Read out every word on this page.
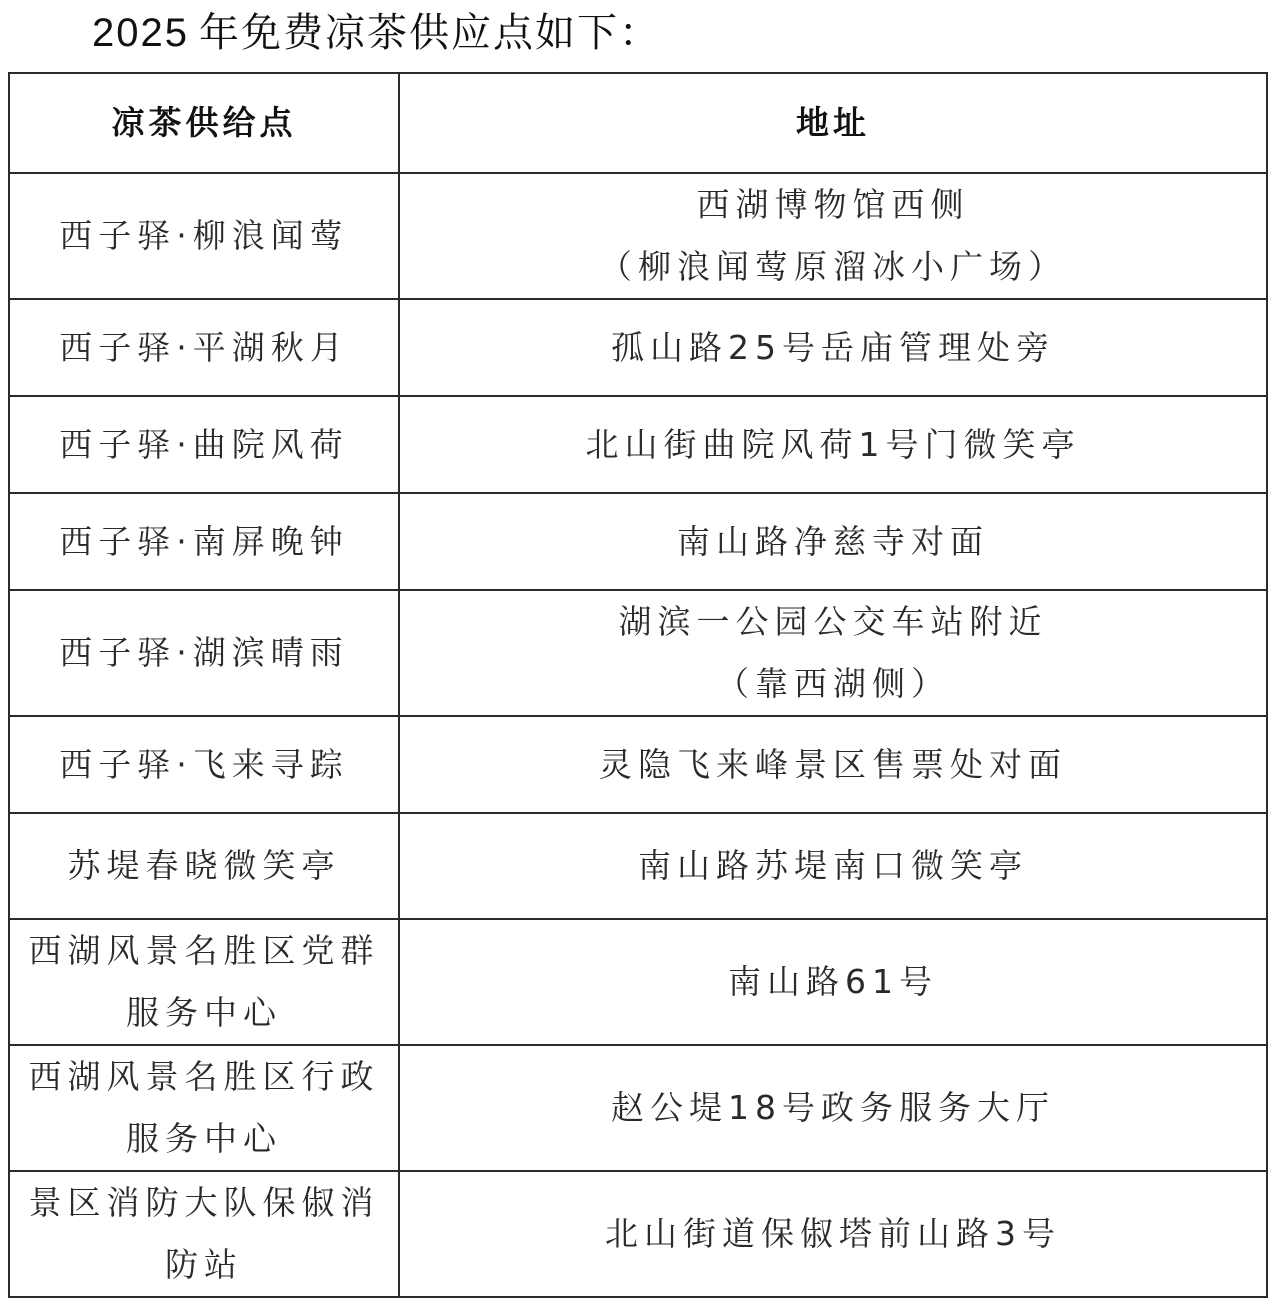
2025 年免费凉茶供应点如下：
凉茶供给点	地址

西子驿·柳浪闻莺	西湖博物馆西侧
（柳浪闻莺原溜冰小广场）

西子驿·平湖秋月	孤山路25号岳庙管理处旁

西子驿·曲院风荷	北山街曲院风荷1号门微笑亭

西子驿·南屏晚钟	南山路净慈寺对面

西子驿·湖滨晴雨	湖滨一公园公交车站附近
（靠西湖侧）

西子驿·飞来寻踪	灵隐飞来峰景区售票处对面

苏堤春晓微笑亭	南山路苏堤南口微笑亭

西湖风景名胜区党群
服务中心	南山路61号

西湖风景名胜区行政
服务中心	赵公堤18号政务服务大厅

景区消防大队保俶消
防站	北山街道保俶塔前山路3号
